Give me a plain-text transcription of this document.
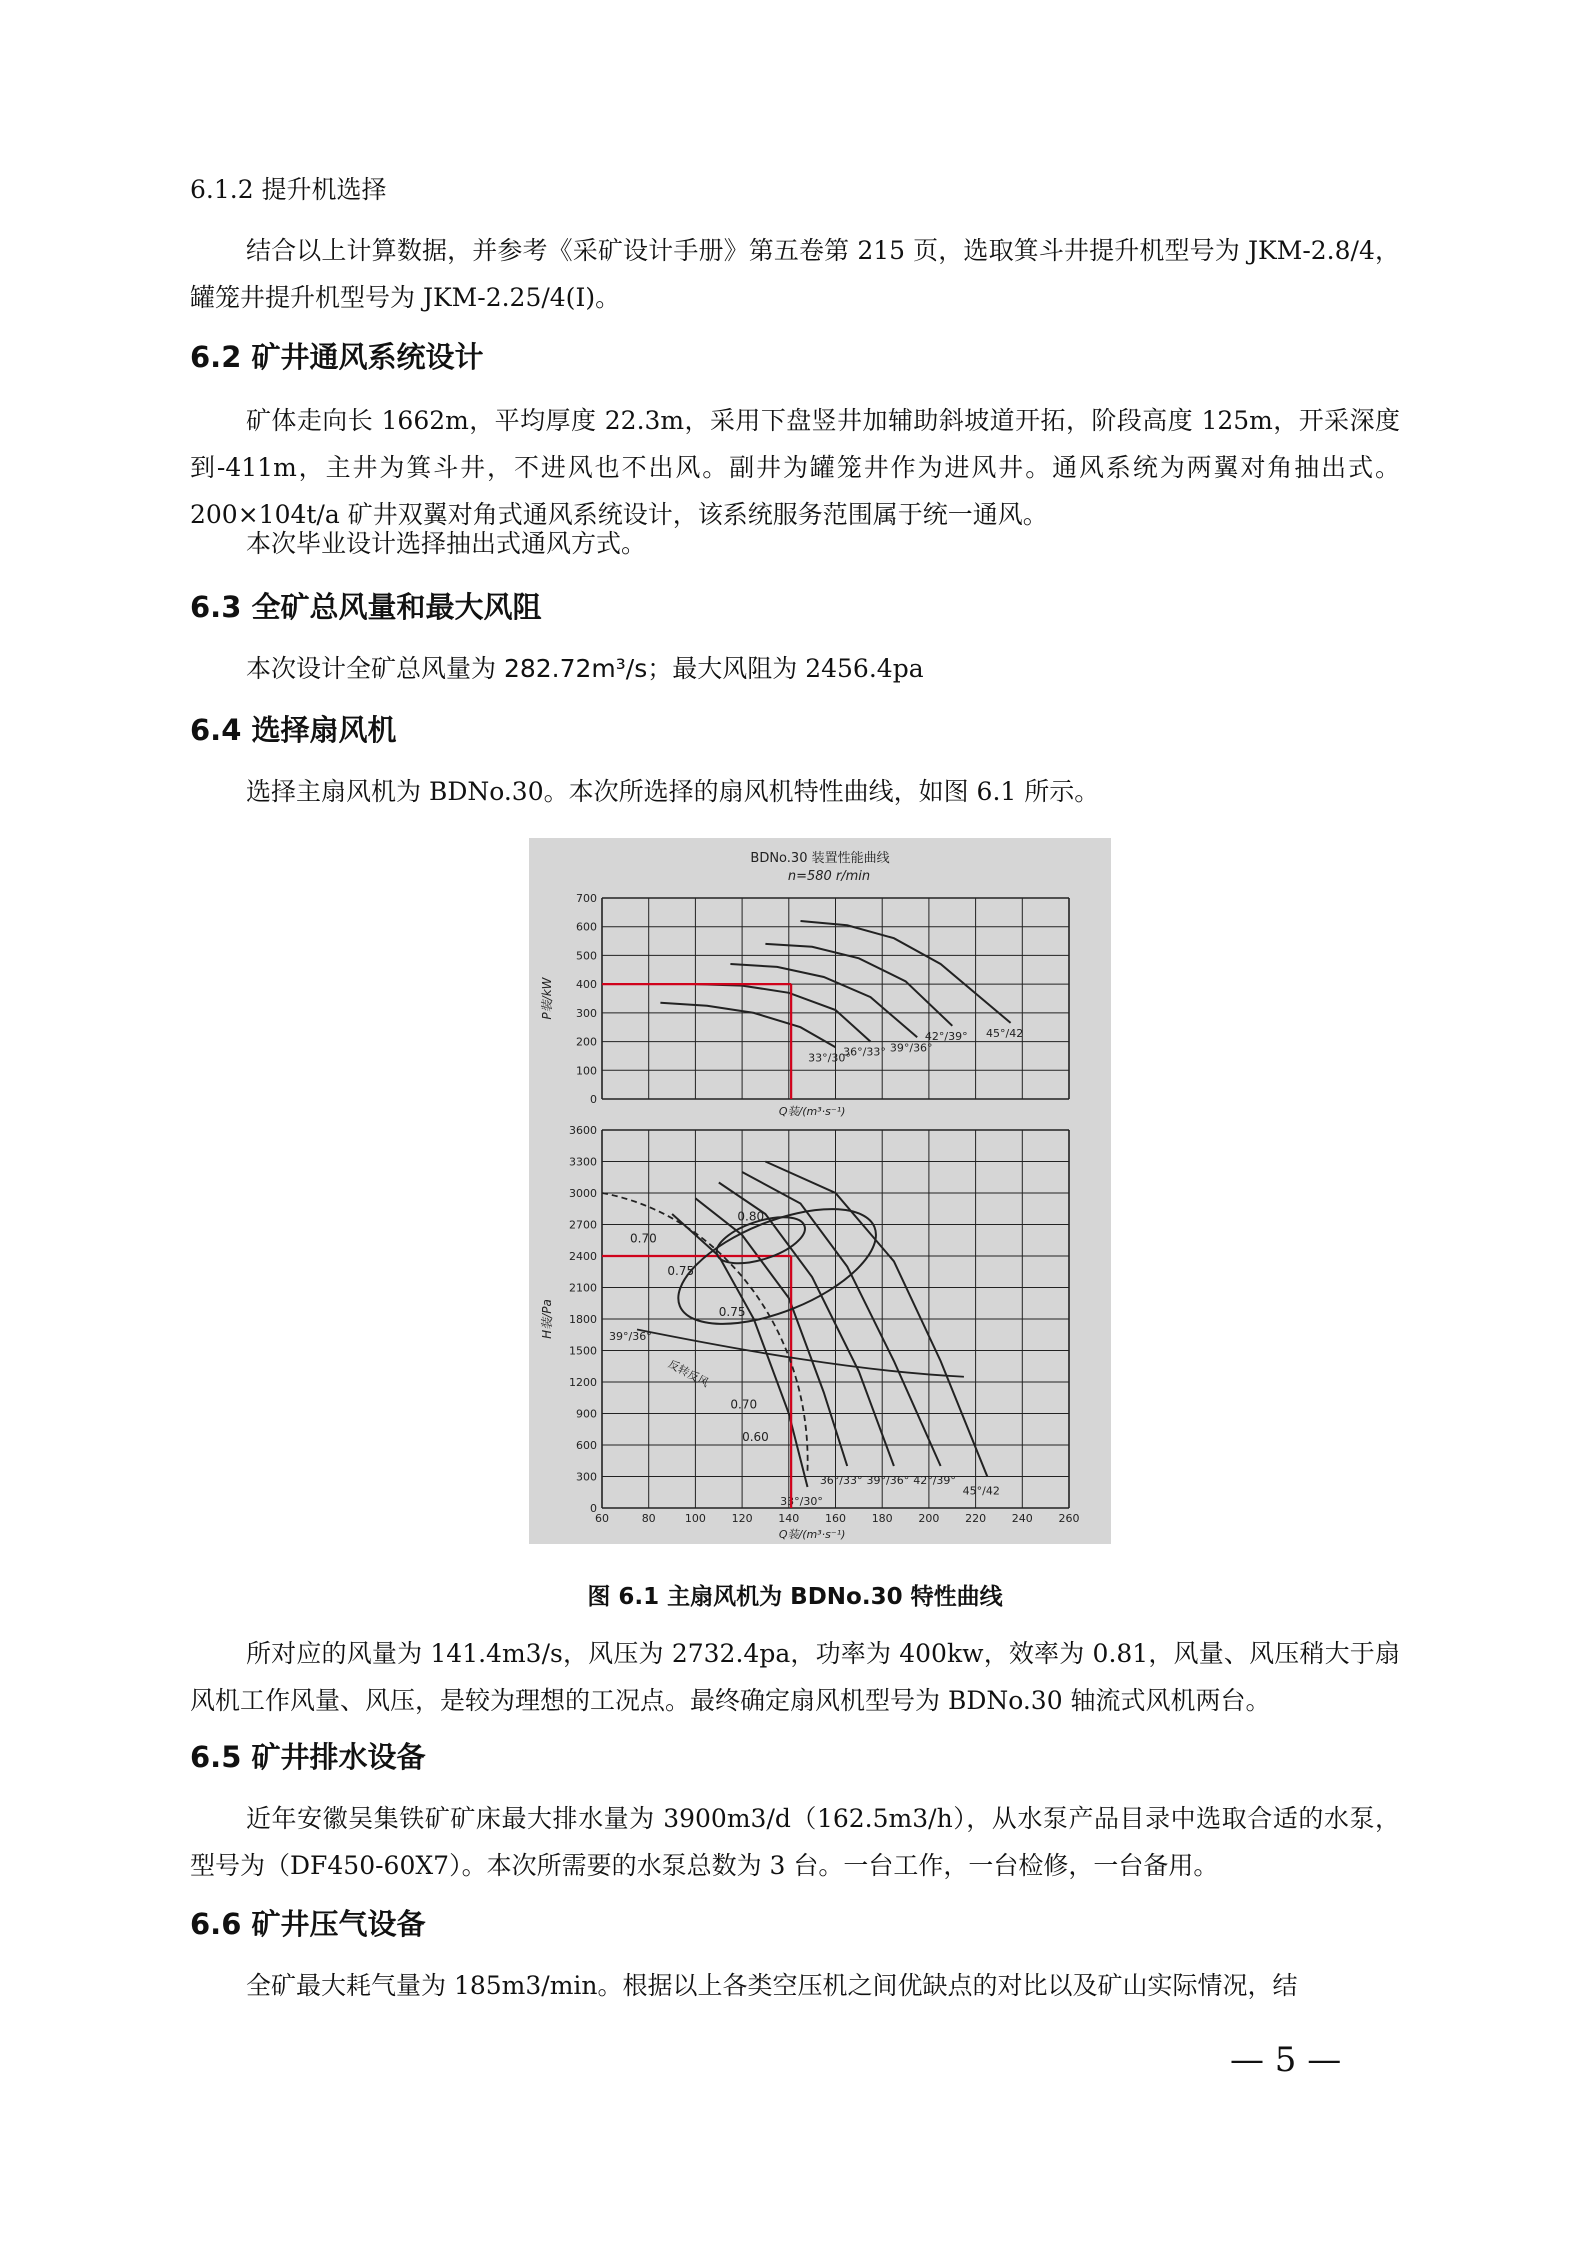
6.1.2 提升机选择
结合以上计算数据，并参考《采矿设计手册》第五卷第 215 页，选取箕斗井提升机型号为 JKM-2.8/4，罐笼井提升机型号为 JKM-2.25/4(Ⅰ)。
6.2 矿井通风系统设计
矿体走向长 1662m，平均厚度 22.3m，采用下盘竖井加辅助斜坡道开拓，阶段高度 125m，开采深度到-411m，主井为箕斗井，不进风也不出风。副井为罐笼井作为进风井。通风系统为两翼对角抽出式。200×104t/a 矿井双翼对角式通风系统设计，该系统服务范围属于统一通风。
本次毕业设计选择抽出式通风方式。
6.3 全矿总风量和最大风阻
本次设计全矿总风量为 282.72m³/s；最大风阻为 2456.4pa
6.4 选择扇风机
选择主扇风机为 BDNo.30。本次所选择的扇风机特性曲线，如图 6.1 所示。
BDNo.30 装置性能曲线
n=580 r/min
0
100
200
300
400
500
600
700
P装/kW
33°/30°
36°/33° 39°/36°
42°/39° 45°/42
Q装/(m³·s⁻¹)
0
300
600
900
1200
1500
1800
2100
2400
2700
3000
3300
3600
H装/Pa
33°/30°
36°/33° 39°/36° 42°/39°
45°/42
0.70
0.75
0.80
0.75
0.70
0.60
39°/36°
反转反风
60	80	100 120 140 160 180 200 220 240 260
Q装/(m³·s⁻¹)
图 6.1 主扇风机为 BDNo.30 特性曲线
所对应的风量为 141.4m3/s，风压为 2732.4pa，功率为 400kw，效率为 0.81，风量、风压稍大于扇风机工作风量、风压，是较为理想的工况点。最终确定扇风机型号为 BDNo.30 轴流式风机两台。
6.5 矿井排水设备
近年安徽吴集铁矿矿床最大排水量为 3900m3/d（162.5m3/h），从水泵产品目录中选取合适的水泵，型号为（DF450-60X7）。本次所需要的水泵总数为 3 台。一台工作，一台检修，一台备用。
6.6 矿井压气设备
全矿最大耗气量为 185m3/min。根据以上各类空压机之间优缺点的对比以及矿山实际情况，结
— 5 —
